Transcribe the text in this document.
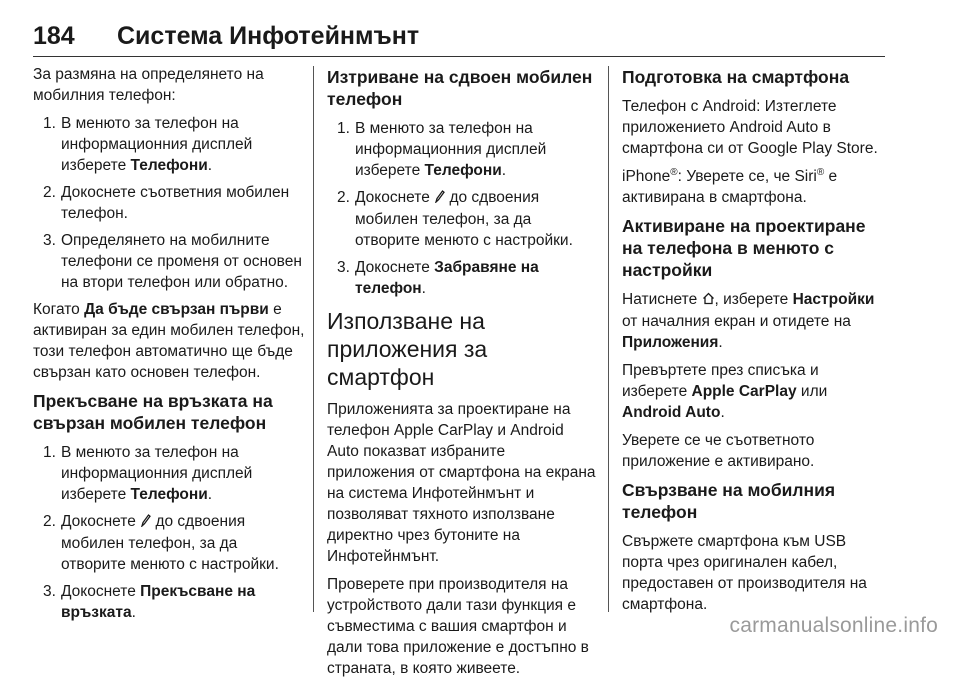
184 Система Инфотейнмънт

За размяна на определянето на мобилния телефон:

1. В менюто за телефон на информационния дисплей изберете Телефони.
2. Докоснете съответния мобилен телефон.
3. Определянето на мобилните телефони се променя от основен на втори телефон или обратно.

Когато Да бъде свързан първи е активиран за един мобилен телефон, този телефон автоматично ще бъде свързан като основен телефон.

Прекъсване на връзката на свързан мобилен телефон
1. В менюто за телефон на информационния дисплей изберете Телефони.
2. Докоснете  до сдвоения мобилен телефон, за да отворите менюто с настройки.
3. Докоснете Прекъсване на връзката.
Изтриване на сдвоен мобилен телефон
1. В менюто за телефон на информационния дисплей изберете Телефони.
2. Докоснете  до сдвоения мобилен телефон, за да отворите менюто с настройки.
3. Докоснете Забравяне на телефон.
Използване на приложения за смартфон

Приложенията за проектиране на телефон Apple CarPlay и Android Auto показват избраните приложения от смартфона на екрана на система Инфотейнмънт и позволяват тяхното използване директно чрез бутоните на Инфотейнмънт.

Проверете при производителя на устройството дали тази функция е съвместима с вашия смартфон и дали това приложение е достъпно в страната, в която живеете.

Подготовка на смартфона

Телефон с Android: Изтеглете приложението Android Auto в смартфона си от Google Play Store.

iPhone®: Уверете се, че Siri® е активирана в смартфона.

Активиране на проектиране на телефона в менюто с настройки

Натиснете , изберете Настройки от началния екран и отидете на Приложения.

Превъртете през списъка и изберете Apple CarPlay или Android Auto.

Уверете се че съответното приложение е активирано.

Свързване на мобилния телефон

Свържете смартфона към USB порта чрез оригинален кабел, предоставен от производителя на смартфона.

carmanualsonline.info
